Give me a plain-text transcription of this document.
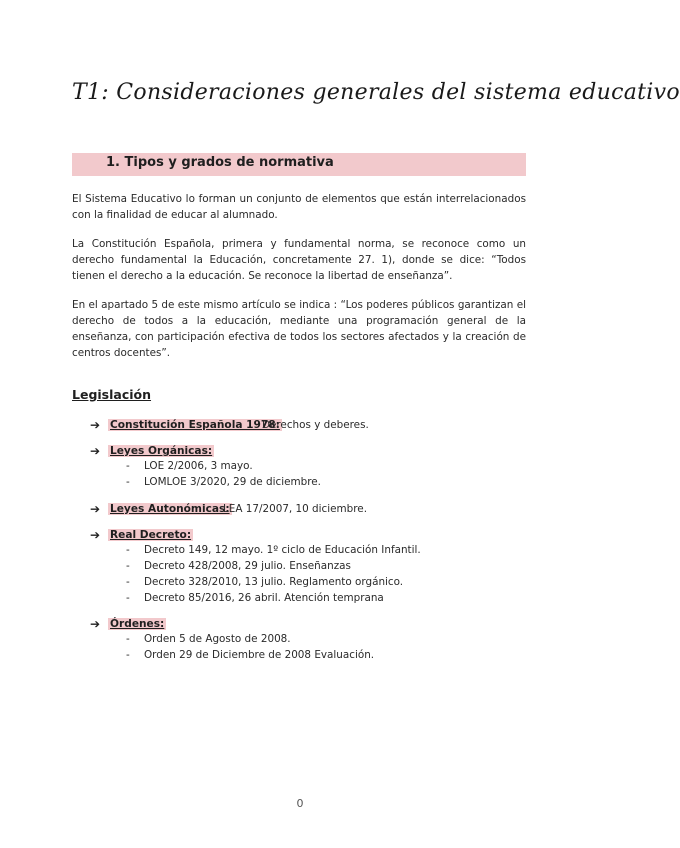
T1: Consideraciones generales del sistema educativo
1. Tipos y grados de normativa

El Sistema Educativo lo forman un conjunto de elementos que están interrelacionados con la finalidad de educar al alumnado.

La Constitución Española, primera y fundamental norma, se reconoce como un derecho fundamental la Educación, concretamente 27. 1), donde se dice: “Todos tienen el derecho a la educación. Se reconoce la libertad de enseñanza”.

En el apartado 5 de este mismo artículo se indica : “Los poderes públicos garantizan el derecho de todos a la educación, mediante una programación general de la enseñanza, con participación efectiva de todos los sectores afectados y la creación de centros docentes”.

Legislación
➔ Constitución Española 1978:
Derechos y deberes.
➔ Leyes Orgánicas:
- LOE 2/2006, 3 mayo.
- LOMLOE 3/2020, 29 de diciembre.
➔ Leyes Autonómicas:
LEA 17/2007, 10 diciembre.
➔ Real Decreto:
- Decreto 149, 12 mayo. 1º ciclo de Educación Infantil.
- Decreto 428/2008, 29 julio. Enseñanzas
- Decreto 328/2010, 13 julio. Reglamento orgánico.
- Decreto 85/2016, 26 abril. Atención temprana
➔ Órdenes:
- Orden 5 de Agosto de 2008.
- Orden 29 de Diciembre de 2008 Evaluación.
0
